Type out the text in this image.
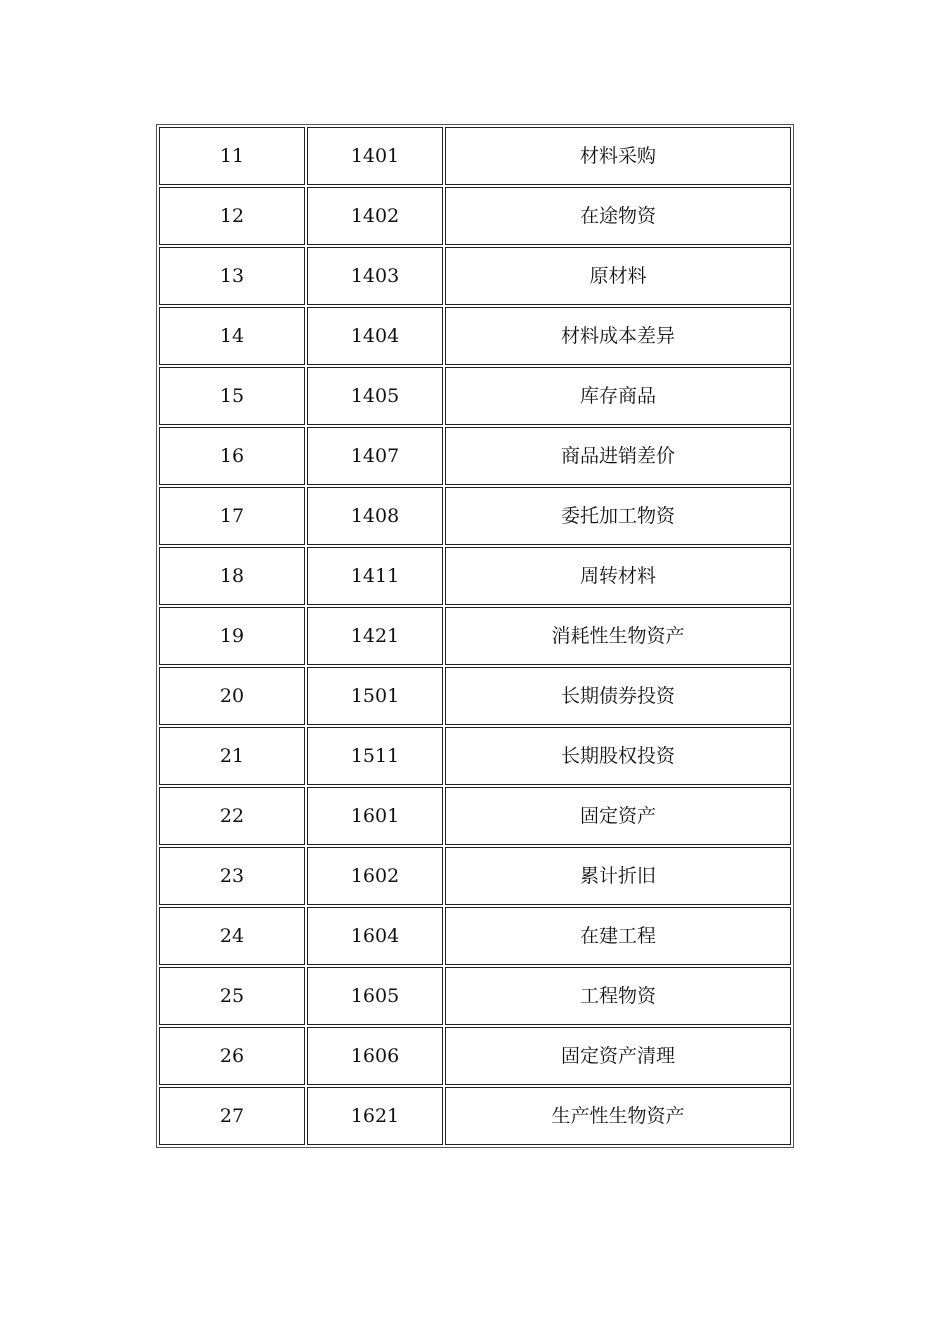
11	1401	材料采购
12	1402	在途物资
13	1403	原材料
14	1404	材料成本差异
15	1405	库存商品
16	1407	商品进销差价
17	1408	委托加工物资
18	1411	周转材料
19	1421	消耗性生物资产
20	1501	长期债券投资
21	1511	长期股权投资
22	1601	固定资产
23	1602	累计折旧
24	1604	在建工程
25	1605	工程物资
26	1606	固定资产清理
27	1621	生产性生物资产
